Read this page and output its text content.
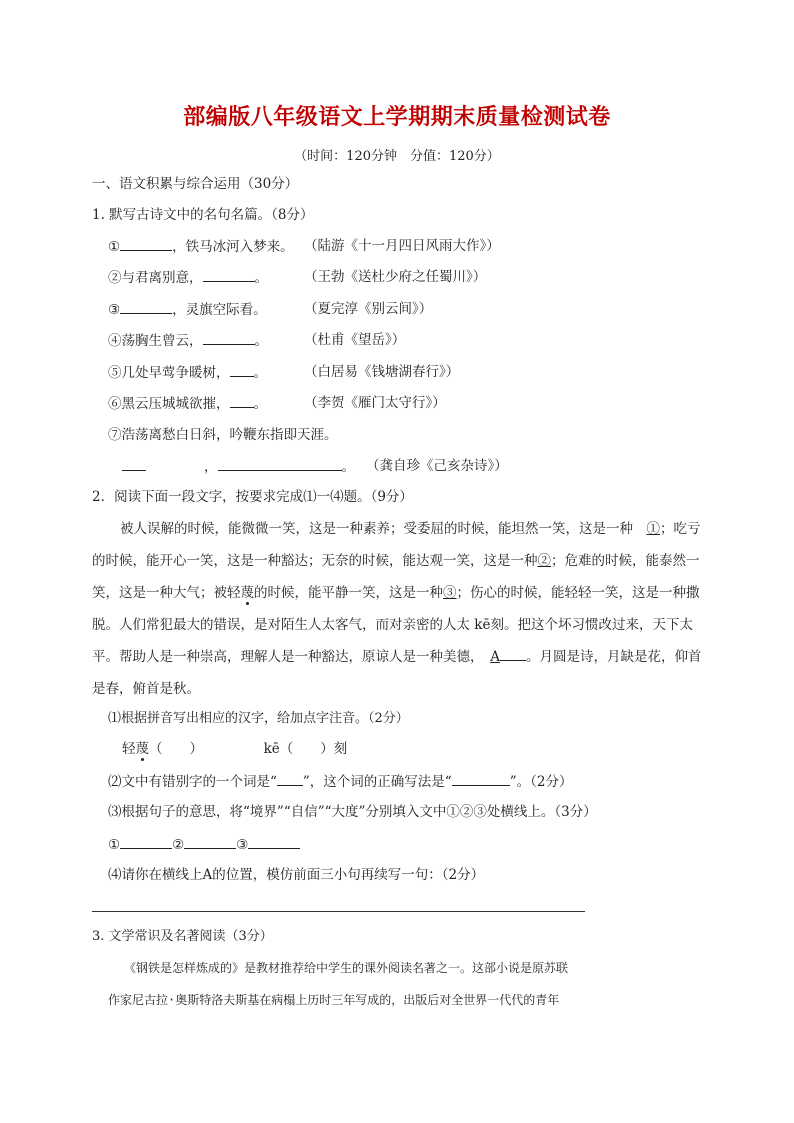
部编版八年级语文上学期期末质量检测试卷
（时间：120分钟　分值：120分）
一、语文积累与综合运用（30分）
1. 默写古诗文中的名句名篇。（8分）
①	，铁马冰河入梦来。 （陆游《十一月四日风雨大作》）
②与君离别意，	。	（王勃《送杜少府之任蜀川》）
③	，灵旗空际看。	（夏完淳《别云间》）
④荡胸生曾云，	。	（杜甫《望岳》）
⑤几处早莺争暖树， 。	（白居易《钱塘湖春行》）
⑥黑云压城城欲摧， 。	（李贺《雁门太守行》）
⑦浩荡离愁白日斜，吟鞭东指即天涯。
，	。 （龚自珍《己亥杂诗》）
2．阅读下面一段文字，按要求完成⑴一⑷题。（9分）
被人误解的时候，能微微一笑，这是一种素养；受委屈的时候，能坦然一笑，这是一种　 ①；吃亏的时候，能开心一笑，这是一种豁达；无奈的时候，能达观一笑，这是一种②；危难的时候，能泰然一笑，这是一种大气；被轻蔑的时候，能平静一笑，这是一种③；伤心的时候，能轻轻一笑，这是一种撒脱。人们常犯最大的错误，是对陌生人太客气，而对亲密的人太 kē刻。把这个坏习惯改过来，天下太平。帮助人是一种崇高，理解人是一种豁达，原谅人是一种美德，　 A 。月圆是诗，月缺是花，仰首是春，俯首是秋。
⑴根据拼音写出相应的汉字，给加点字注音。（2分）
轻蔑（　　）	kē（　　）刻
⑵文中有错别字的一个词是“ ”，这个词的正确写法是“	”。（2分）
⑶根据句子的意思，将“境界”“自信”“大度”分别填入文中①②③处横线上。（3分）
①	②	③
⑷请你在横线上A的位置，模仿前面三小句再续写一句：（2分）
3. 文学常识及名著阅读（3分）
《钢铁是怎样炼成的》是教材推荐给中学生的课外阅读名著之一。这部小说是原苏联
作家尼古拉·奥斯特洛夫斯基在病榻上历时三年写成的，出版后对全世界一代代的青年
